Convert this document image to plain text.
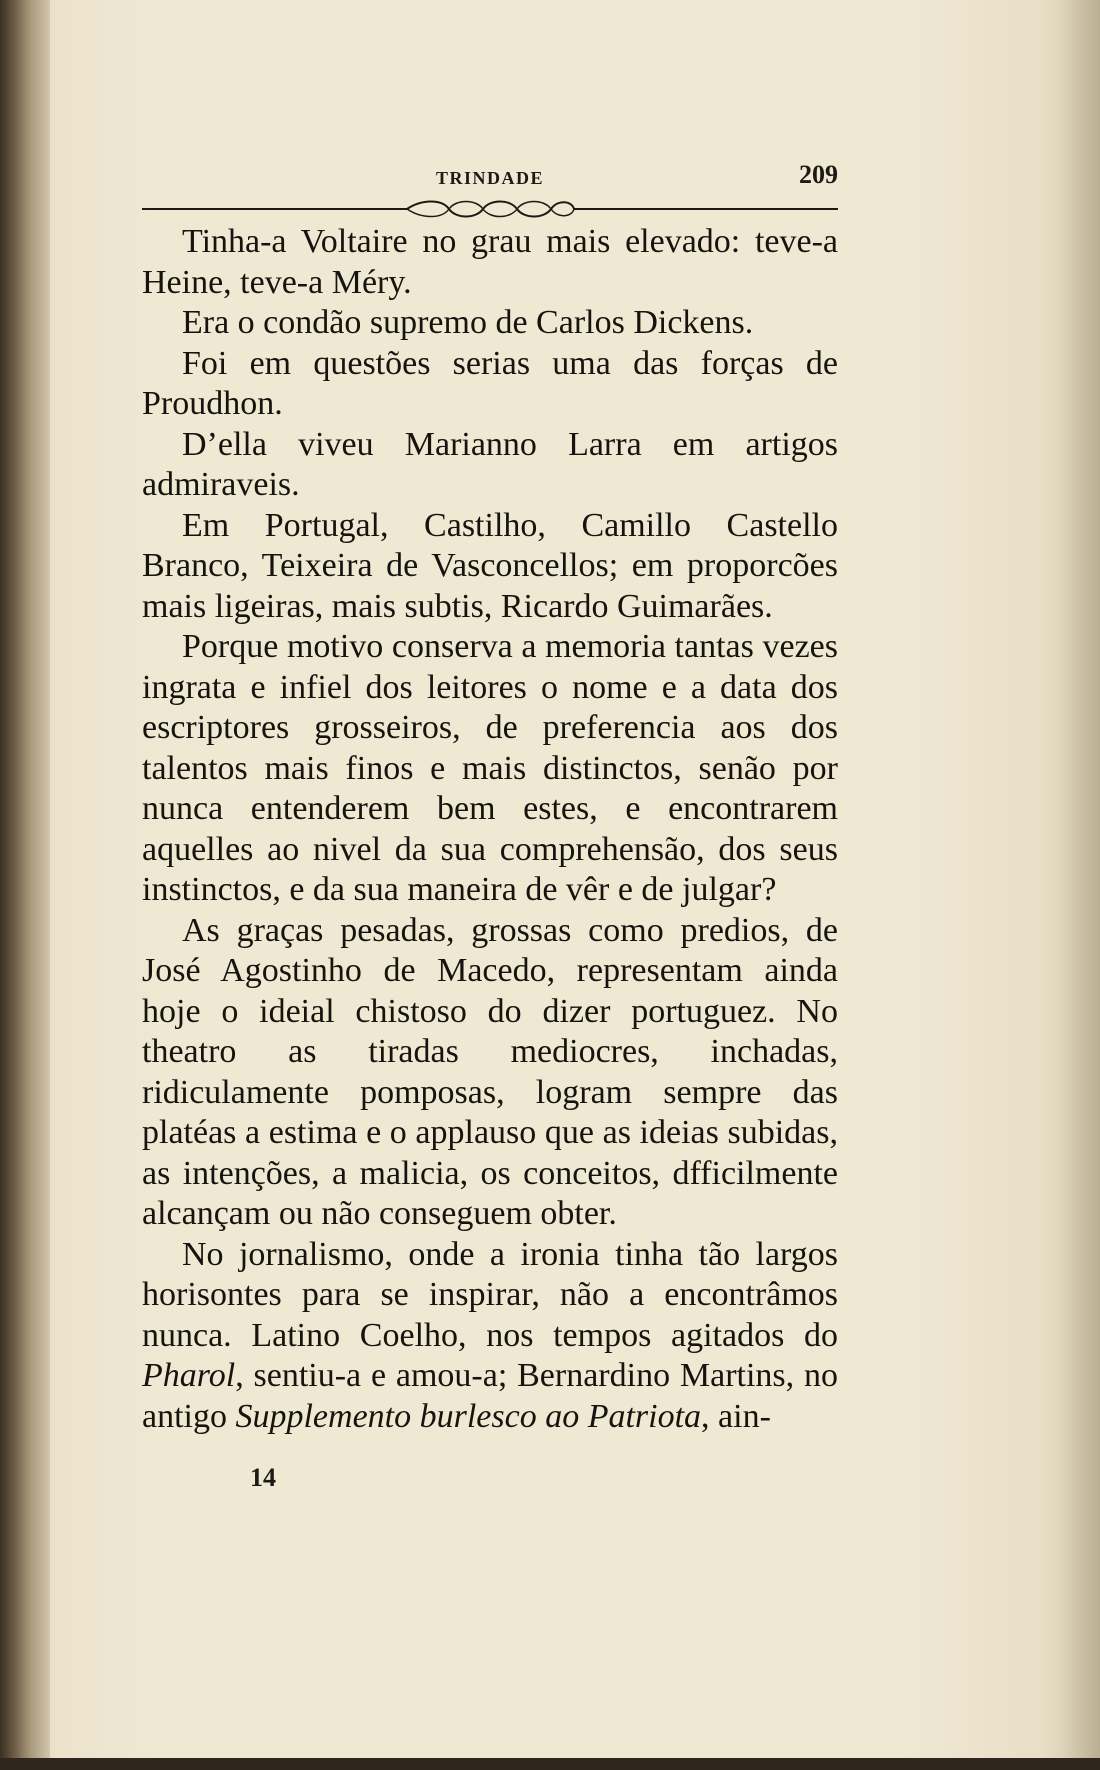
TRINDADE	209

Tinha-a Voltaire no grau mais elevado: teve-a Heine, teve-a Méry.

Era o condão supremo de Carlos Dickens.

Foi em questões serias uma das forças de Proudhon.

D’ella viveu Marianno Larra em artigos admiraveis.

Em Portugal, Castilho, Camillo Castello Branco, Teixeira de Vasconcellos; em proporcões mais ligeiras, mais subtis, Ricardo Guimarães.

Porque motivo conserva a memoria tantas vezes ingrata e infiel dos leitores o nome e a data dos escriptores grosseiros, de preferencia aos dos talentos mais finos e mais distinctos, senão por nunca entenderem bem estes, e encontrarem aquelles ao nivel da sua comprehensão, dos seus instinctos, e da sua maneira de vêr e de julgar?

As graças pesadas, grossas como predios, de José Agostinho de Macedo, representam ainda hoje o ideial chistoso do dizer portuguez. No theatro as tiradas mediocres, inchadas, ridiculamente pomposas, logram sempre das platéas a estima e o applauso que as ideias subidas, as intenções, a malicia, os conceitos, dfficilmente alcançam ou não conseguem obter.

No jornalismo, onde a ironia tinha tão largos horisontes para se inspirar, não a encontrâmos nunca. Latino Coelho, nos tempos agitados do Pharol, sentiu-a e amou-a; Bernardino Martins, no antigo Supplemento burlesco ao Patriota, ain-

14
